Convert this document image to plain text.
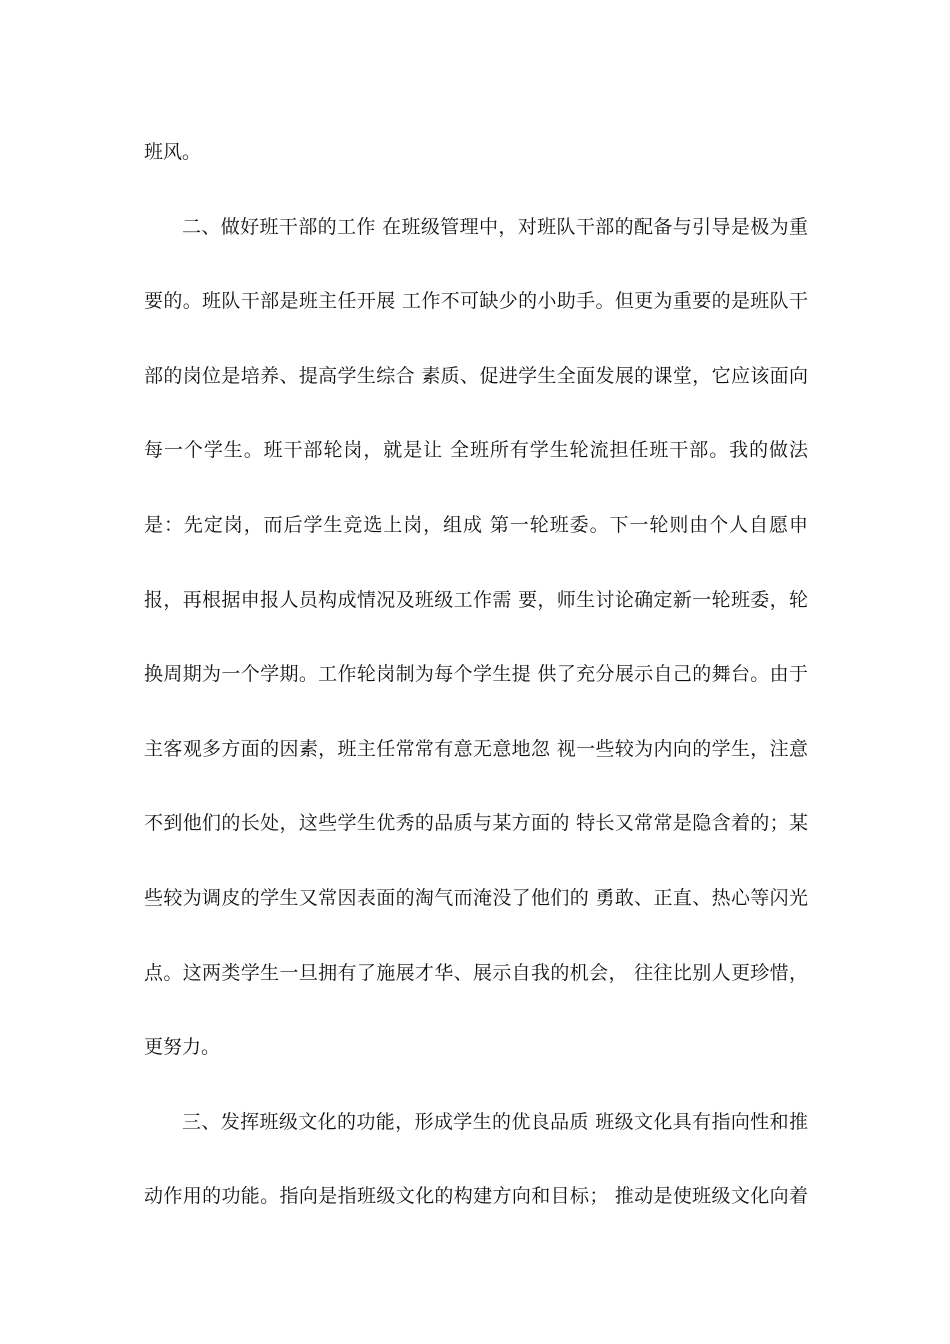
班风。
二、做好班干部的工作 在班级管理中，对班队干部的配备与引导是极为重
要的。班队干部是班主任开展 工作不可缺少的小助手。但更为重要的是班队干
部的岗位是培养、提高学生综合 素质、促进学生全面发展的课堂，它应该面向
每一个学生。班干部轮岗，就是让 全班所有学生轮流担任班干部。我的做法
是：先定岗，而后学生竞选上岗，组成 第一轮班委。下一轮则由个人自愿申
报，再根据申报人员构成情况及班级工作需 要，师生讨论确定新一轮班委，轮
换周期为一个学期。工作轮岗制为每个学生提 供了充分展示自己的舞台。由于
主客观多方面的因素，班主任常常有意无意地忽 视一些较为内向的学生，注意
不到他们的长处，这些学生优秀的品质与某方面的 特长又常常是隐含着的；某
些较为调皮的学生又常因表面的淘气而淹没了他们的 勇敢、正直、热心等闪光
点。这两类学生一旦拥有了施展才华、展示自我的机会， 往往比别人更珍惜，
更努力。
三、发挥班级文化的功能，形成学生的优良品质 班级文化具有指向性和推
动作用的功能。指向是指班级文化的构建方向和目标； 推动是使班级文化向着
